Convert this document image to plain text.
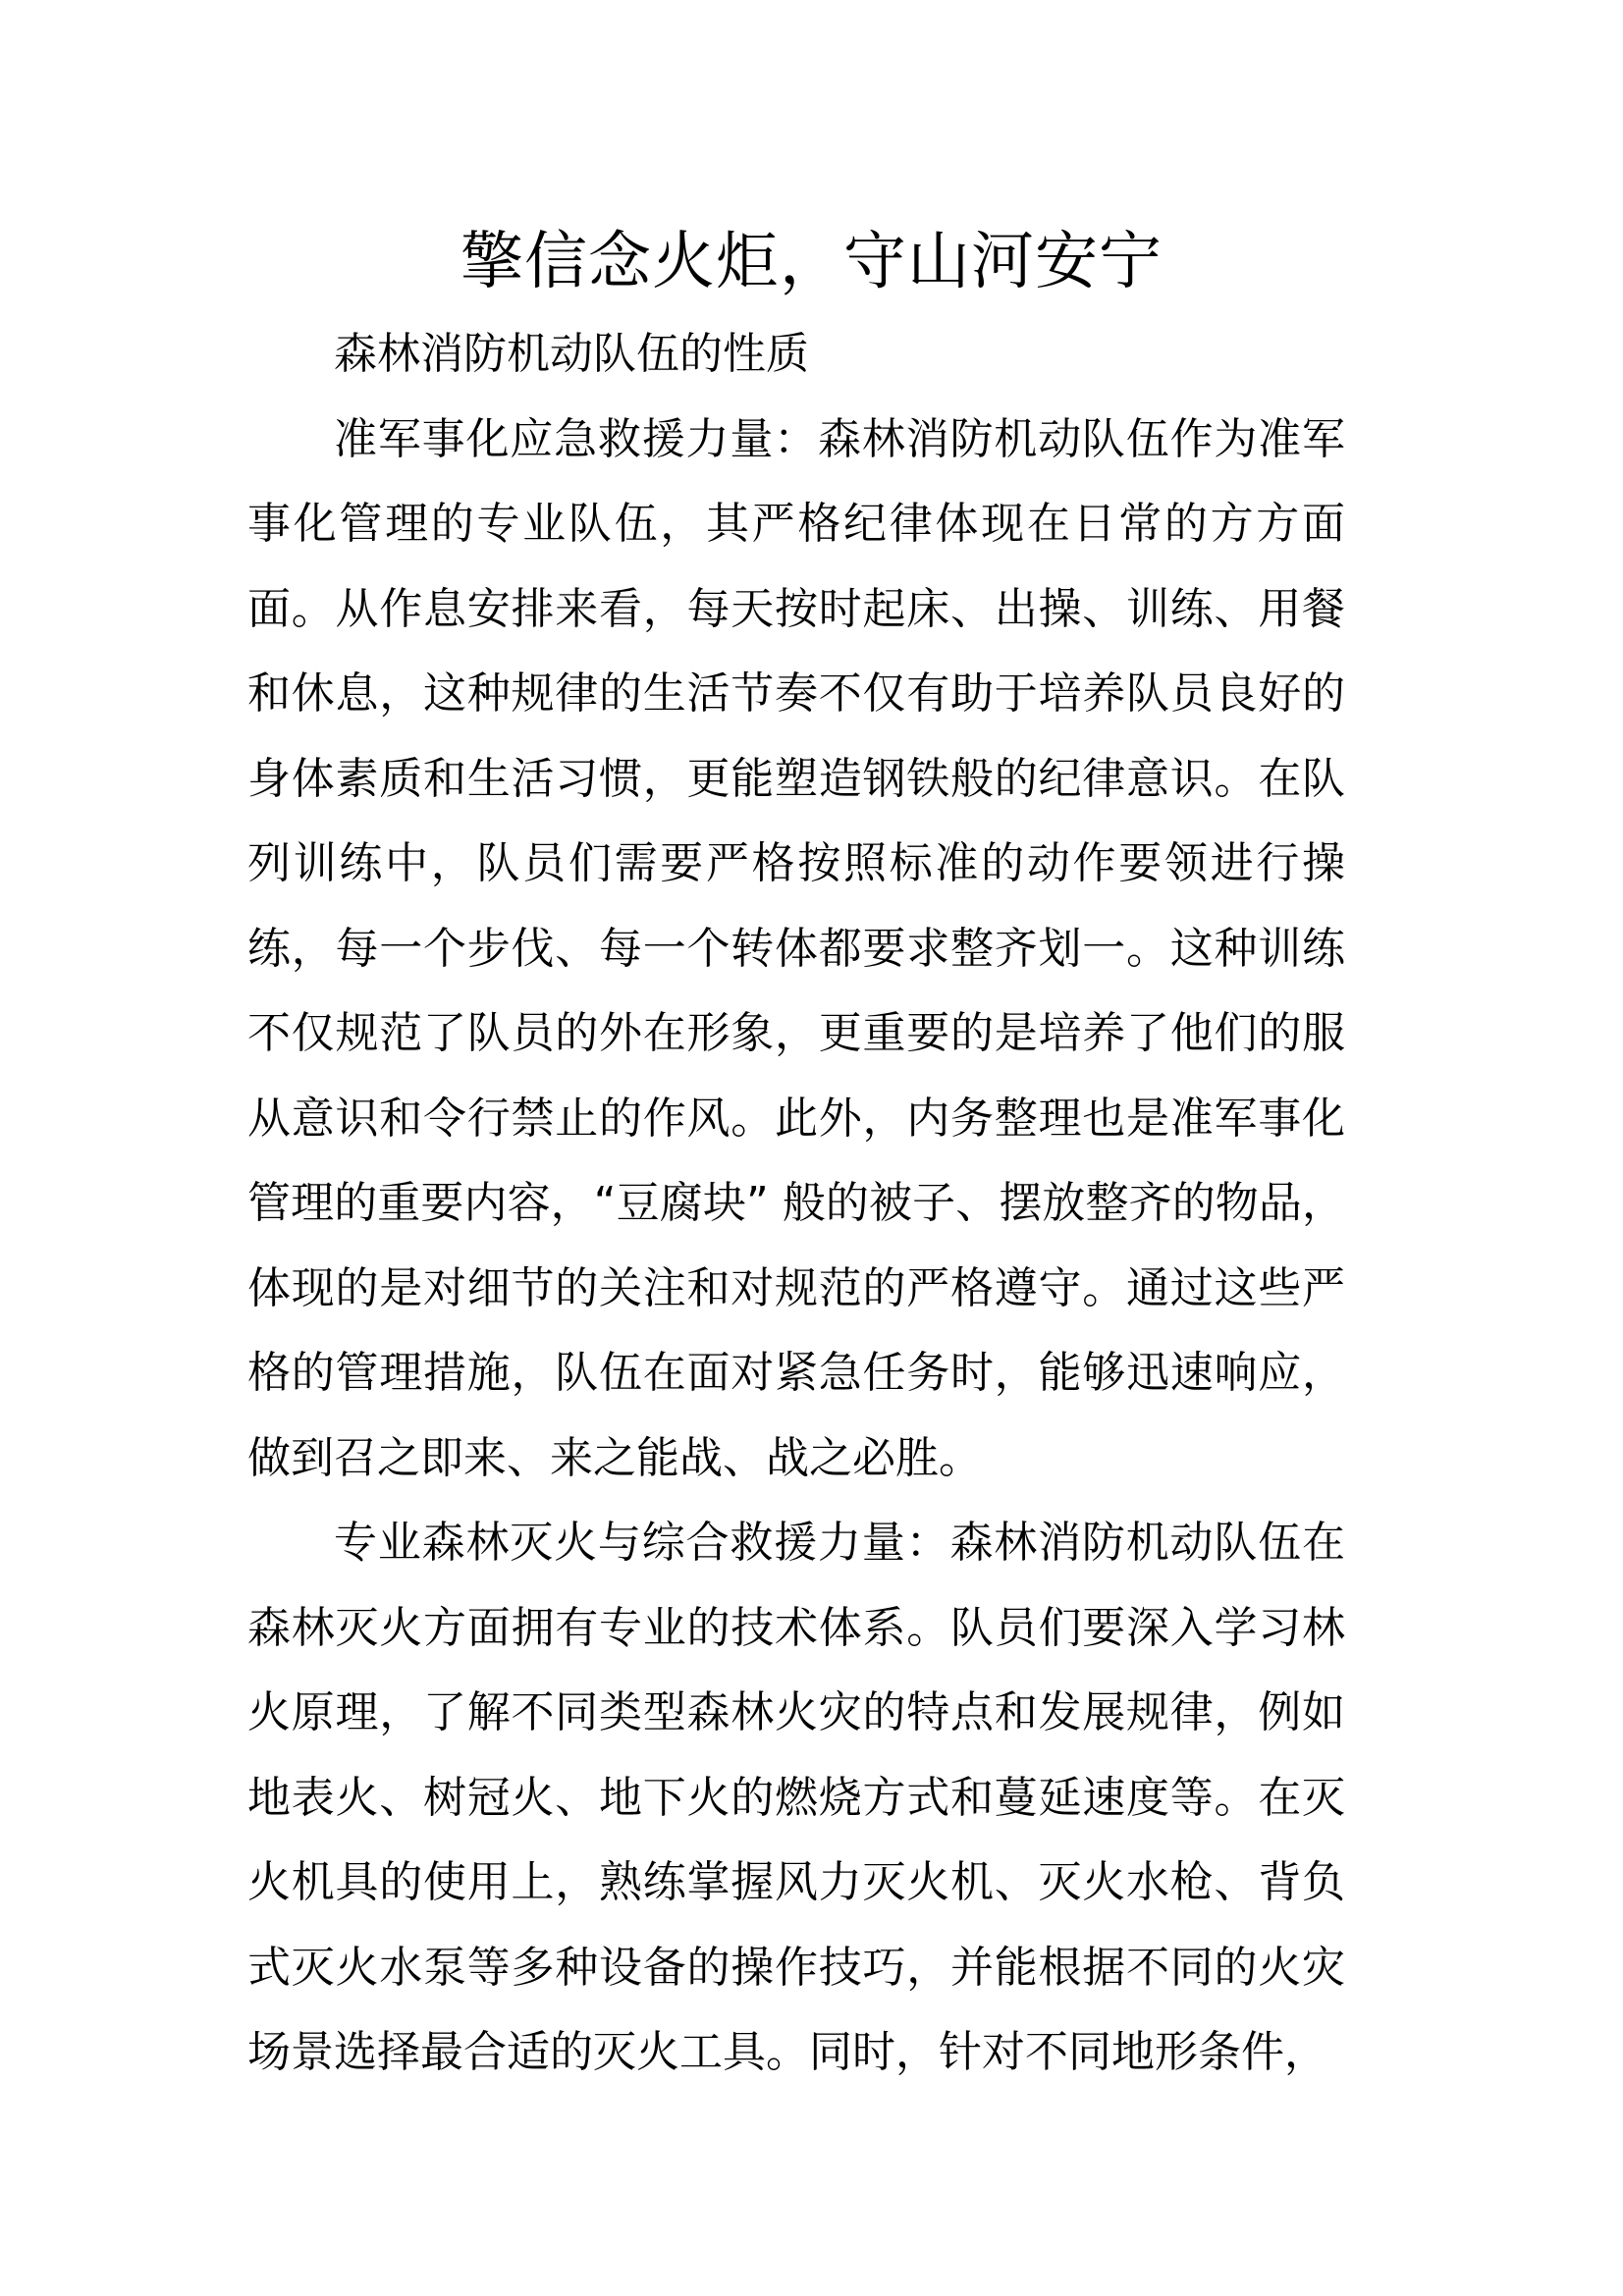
擎信念火炬，守山河安宁

森林消防机动队伍的性质

准军事化应急救援力量：森林消防机动队伍作为准军事化管理的专业队伍，其严格纪律体现在日常的方方面面。从作息安排来看，每天按时起床、出操、训练、用餐和休息，这种规律的生活节奏不仅有助于培养队员良好的身体素质和生活习惯，更能塑造钢铁般的纪律意识。在队列训练中，队员们需要严格按照标准的动作要领进行操练，每一个步伐、每一个转体都要求整齐划一。这种训练不仅规范了队员的外在形象，更重要的是培养了他们的服从意识和令行禁止的作风。此外，内务整理也是准军事化管理的重要内容，“豆腐块” 般的被子、摆放整齐的物品，体现的是对细节的关注和对规范的严格遵守。通过这些严格的管理措施，队伍在面对紧急任务时，能够迅速响应，做到召之即来、来之能战、战之必胜。

专业森林灭火与综合救援力量：森林消防机动队伍在森林灭火方面拥有专业的技术体系。队员们要深入学习林火原理，了解不同类型森林火灾的特点和发展规律，例如地表火、树冠火、地下火的燃烧方式和蔓延速度等。在灭火机具的使用上，熟练掌握风力灭火机、灭火水枪、背负式灭火水泵等多种设备的操作技巧，并能根据不同的火灾场景选择最合适的灭火工具。同时，针对不同地形条件，
